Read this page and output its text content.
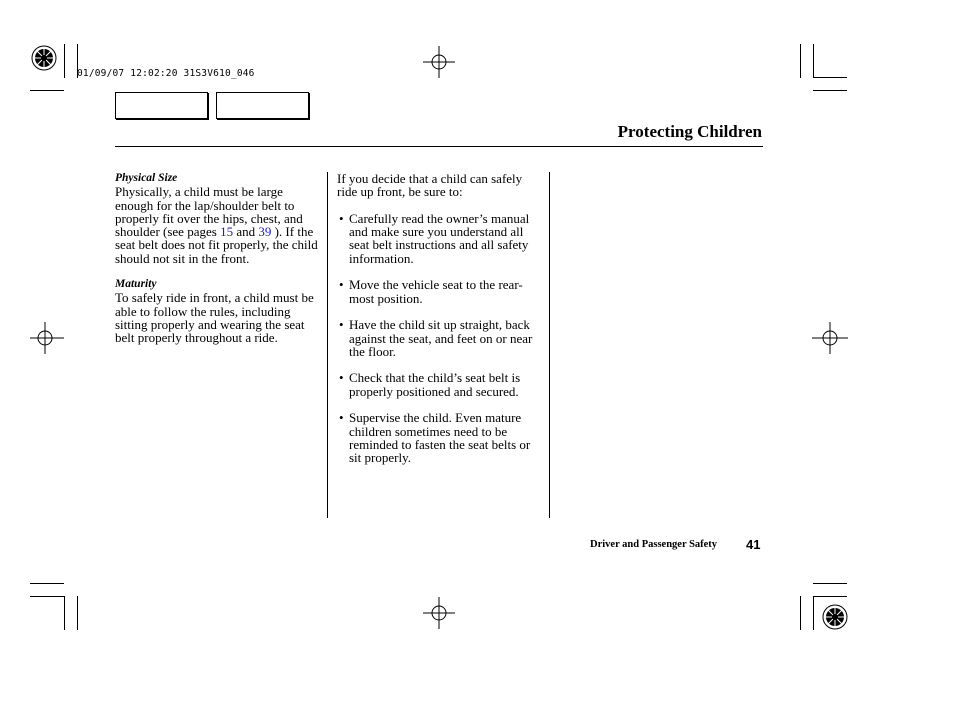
01/09/07 12:02:20 31S3V610_046
Protecting Children
Physical Size

Physically, a child must be large enough for the lap/shoulder belt to properly fit over the hips, chest, and shoulder (see pages 15 and 39 ). If the seat belt does not fit properly, the child should not sit in the front.

Maturity

To safely ride in front, a child must be able to follow the rules, including sitting properly and wearing the seat belt properly throughout a ride.

If you decide that a child can safely ride up front, be sure to:

• Carefully read the owner’s manual and make sure you understand all seat belt instructions and all safety information.
• Move the vehicle seat to the rear-most position.
• Have the child sit up straight, back against the seat, and feet on or near the floor.
• Check that the child’s seat belt is properly positioned and secured.
• Supervise the child. Even mature children sometimes need to be reminded to fasten the seat belts or sit properly.
Driver and Passenger Safety 41
